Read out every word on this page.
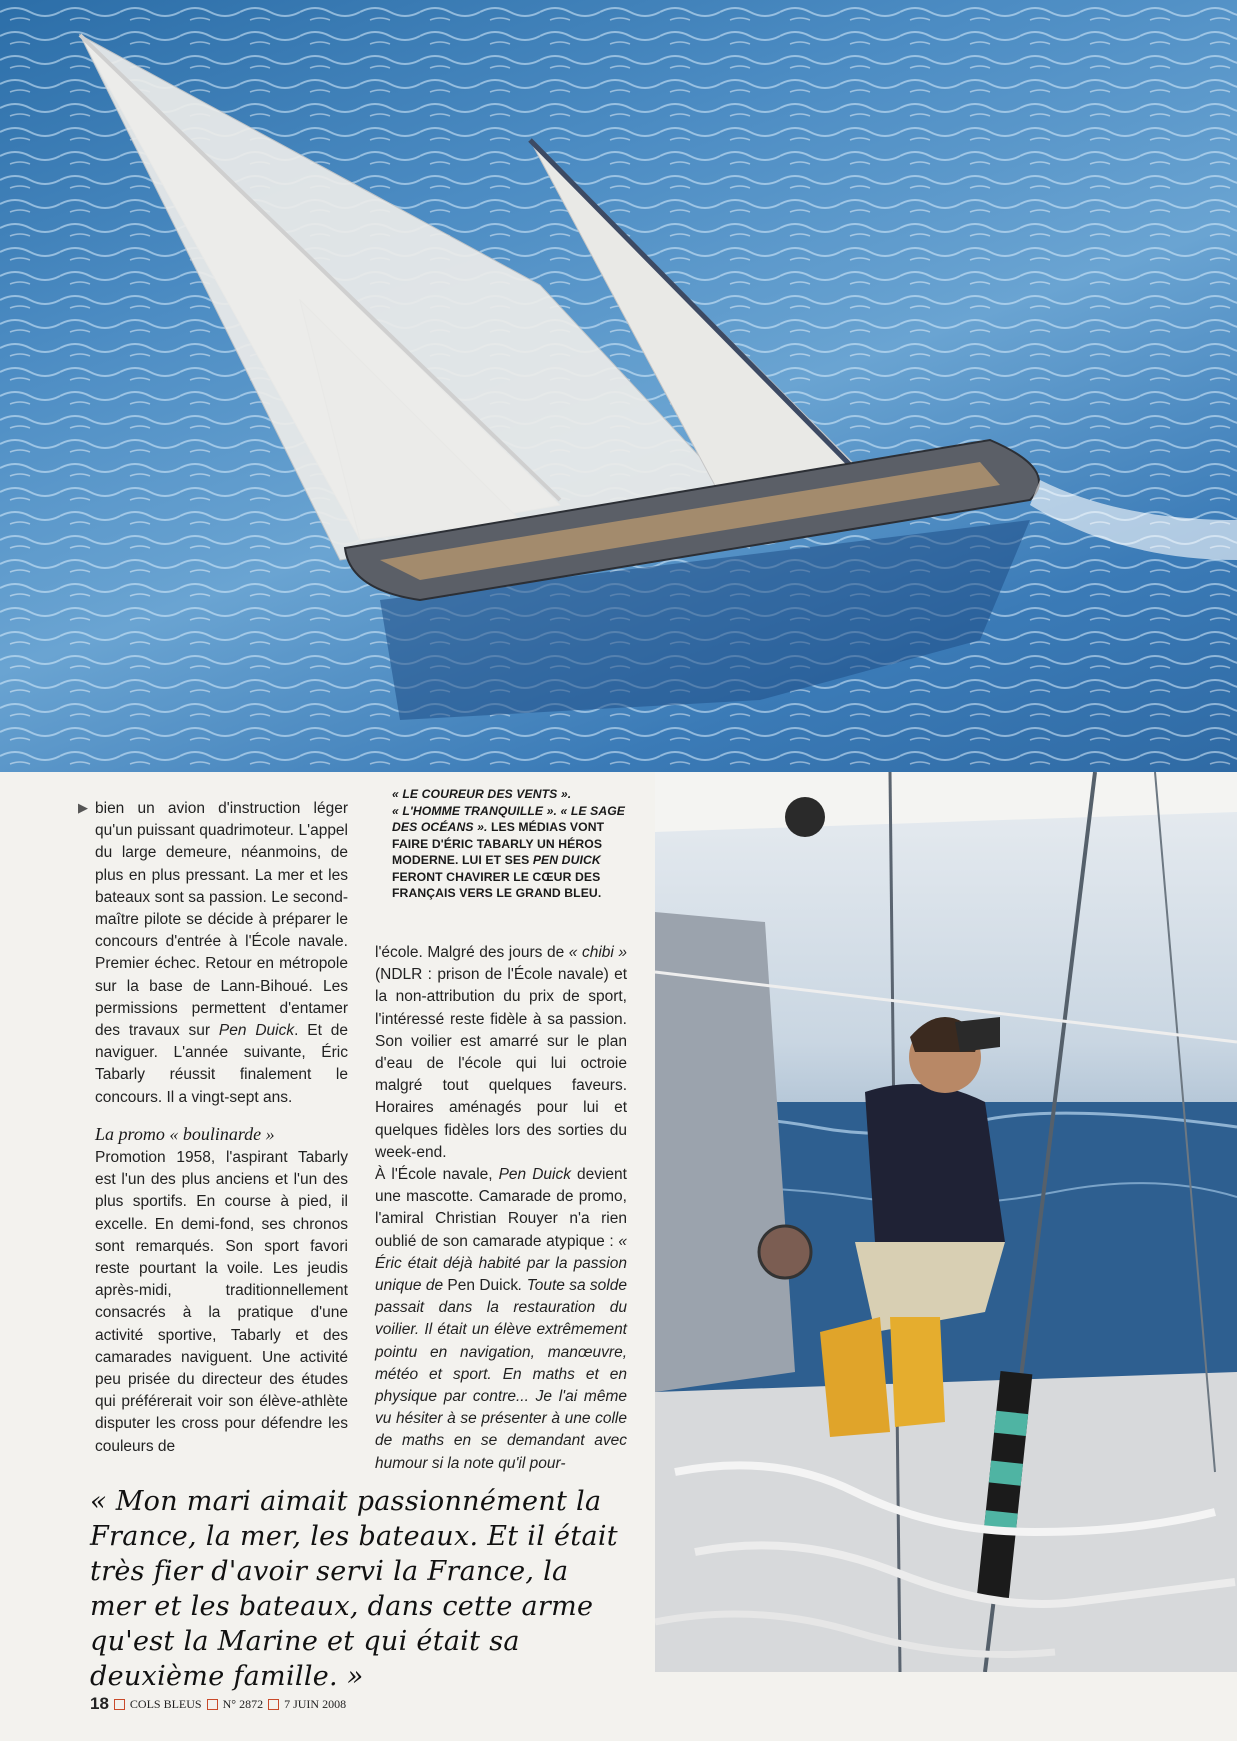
▶ bien un avion d'instruction léger qu'un puissant quadrimoteur. L'appel du large demeure, néanmoins, de plus en plus pressant. La mer et les bateaux sont sa passion. Le second-maître pilote se décide à préparer le concours d'entrée à l'École navale. Premier échec. Retour en métropole sur la base de Lann-Bihoué. Les permissions permettent d'entamer des travaux sur Pen Duick. Et de naviguer. L'année suivante, Éric Tabarly réussit finalement le concours. Il a vingt-sept ans.

La promo « boulinarde »

Promotion 1958, l'aspirant Tabarly est l'un des plus anciens et l'un des plus sportifs. En course à pied, il excelle. En demi-fond, ses chronos sont remarqués. Son sport favori reste pourtant la voile. Les jeudis après-midi, traditionnellement consacrés à la pratique d'une activité sportive, Tabarly et des camarades naviguent. Une activité peu prisée du directeur des études qui préférerait voir son élève-athlète disputer les cross pour défendre les couleurs de

« LE COUREUR DES VENTS ».
« L'HOMME TRANQUILLE ». « LE SAGE DES OCÉANS ». LES MÉDIAS VONT FAIRE D'ÉRIC TABARLY UN HÉROS MODERNE. LUI ET SES PEN DUICK FERONT CHAVIRER LE CŒUR DES FRANÇAIS VERS LE GRAND BLEU.

l'école. Malgré des jours de « chibi » (NDLR : prison de l'École navale) et la non-attribution du prix de sport, l'intéressé reste fidèle à sa passion. Son voilier est amarré sur le plan d'eau de l'école qui lui octroie malgré tout quelques faveurs. Horaires aménagés pour lui et quelques fidèles lors des sorties du week-end.

À l'École navale, Pen Duick devient une mascotte. Camarade de promo, l'amiral Christian Rouyer n'a rien oublié de son camarade atypique : « Éric était déjà habité par la passion unique de Pen Duick. Toute sa solde passait dans la restauration du voilier. Il était un élève extrêmement pointu en navigation, manœuvre, météo et sport. En maths et en physique par contre... Je l'ai même vu hésiter à se présenter à une colle de maths en se demandant avec humour si la note qu'il pour-

« Mon mari aimait passionnément la France, la mer, les bateaux. Et il était très fier d'avoir servi la France, la mer et les bateaux, dans cette arme qu'est la Marine et qui était sa deuxième famille. »
18 COLS BLEUS N° 2872 7 JUIN 2008
